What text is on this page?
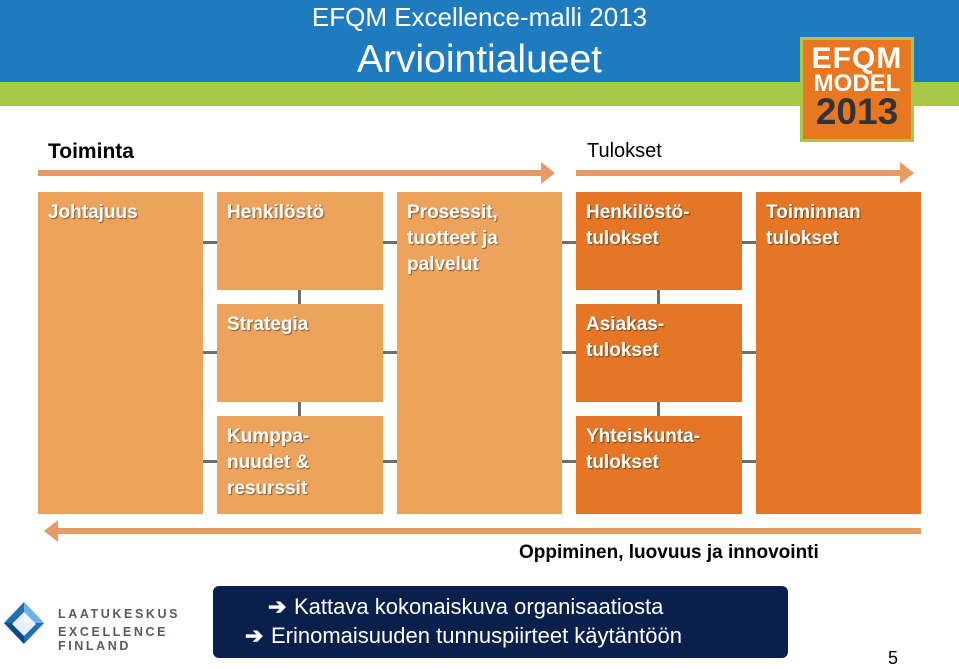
EFQM Excellence-malli 2013
Arviointialueet	EFQM
MODEL
2013
Toiminta	Tulokset
Johtajuus	Henkilöstö
Strategia
Kumppa-
nuudet &
resurssit
Prosessit,
tuotteet ja
palvelut
Henkilöstö-
tulokset
Asiakas-
tulokset
Yhteiskunta-
tulokset
Toiminnan
tulokset
Oppiminen, luovuus ja innovointi
LAATUKESKUS
EXCELLENCE FINLAND
➔ Kattava kokonaiskuva organisaatiosta
➔ Erinomaisuuden tunnuspiirteet käytäntöön
5
